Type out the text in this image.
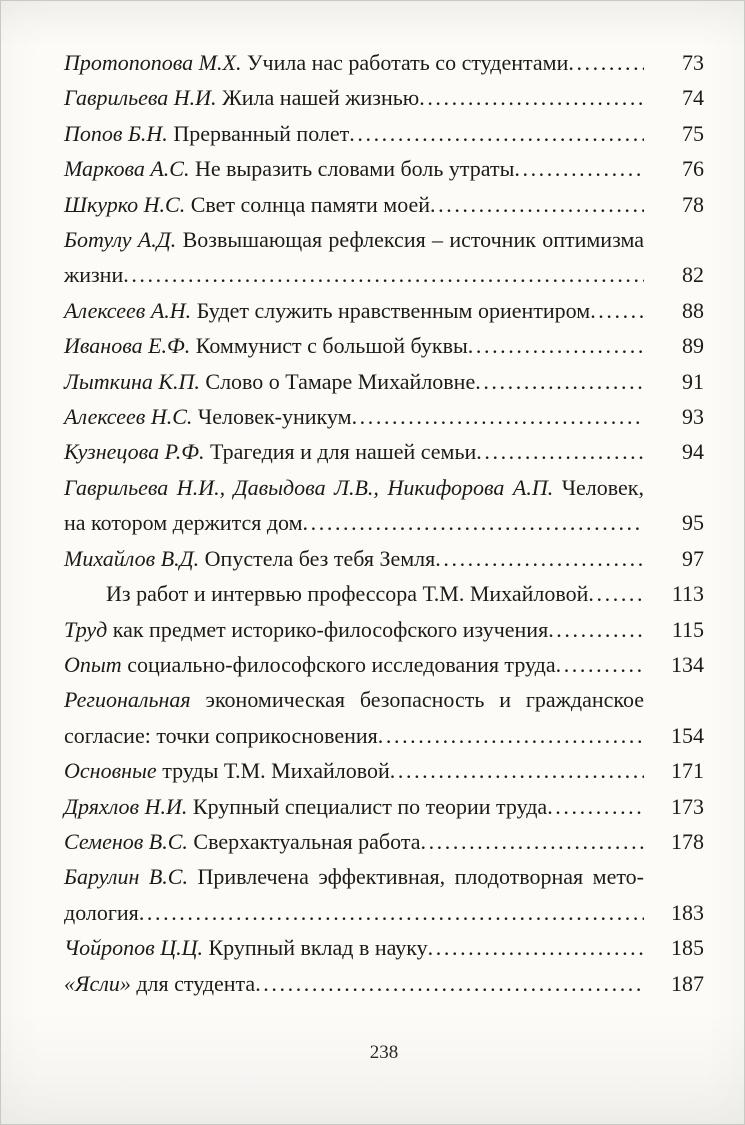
Протопопова М.Х. Учила нас работать со студентами .....	73
Гаврильева Н.И. Жила нашей жизнью .....	74
Попов Б.Н. Прерванный полет .....	75
Маркова А.С. Не выразить словами боль утраты .....	76
Шкурко Н.С. Свет солнца памяти моей .....	78
Ботулу А.Д. Возвышающая рефлексия – источник оптимизма
жизни .....	82
Алексеев А.Н. Будет служить нравственным ориентиром .....	88
Иванова Е.Ф. Коммунист с большой буквы .....	89
Лыткина К.П. Слово о Тамаре Михайловне .....	91
Алексеев Н.С. Человек-уникум .....	93
Кузнецова Р.Ф. Трагедия и для нашей семьи .....	94
Гаврильева Н.И., Давыдова Л.В., Никифорова А.П. Человек,
на котором держится дом .....	95
Михайлов В.Д. Опустела без тебя Земля .....	97
Из работ и интервью профессора Т.М. Михайловой .....	113
Труд как предмет историко-философского изучения .....	115
Опыт социально-философского исследования труда .....	134
Региональная экономическая безопасность и гражданское
согласие: точки соприкосновения .....	154
Основные труды Т.М. Михайловой .....	171
Дряхлов Н.И. Крупный специалист по теории труда .....	173
Семенов В.С. Сверхактуальная работа .....	178
Барулин В.С. Привлечена эффективная, плодотворная мето-
дология .....	183
Чойропов Ц.Ц. Крупный вклад в науку .....	185
«Ясли» для студента .....	187
238
